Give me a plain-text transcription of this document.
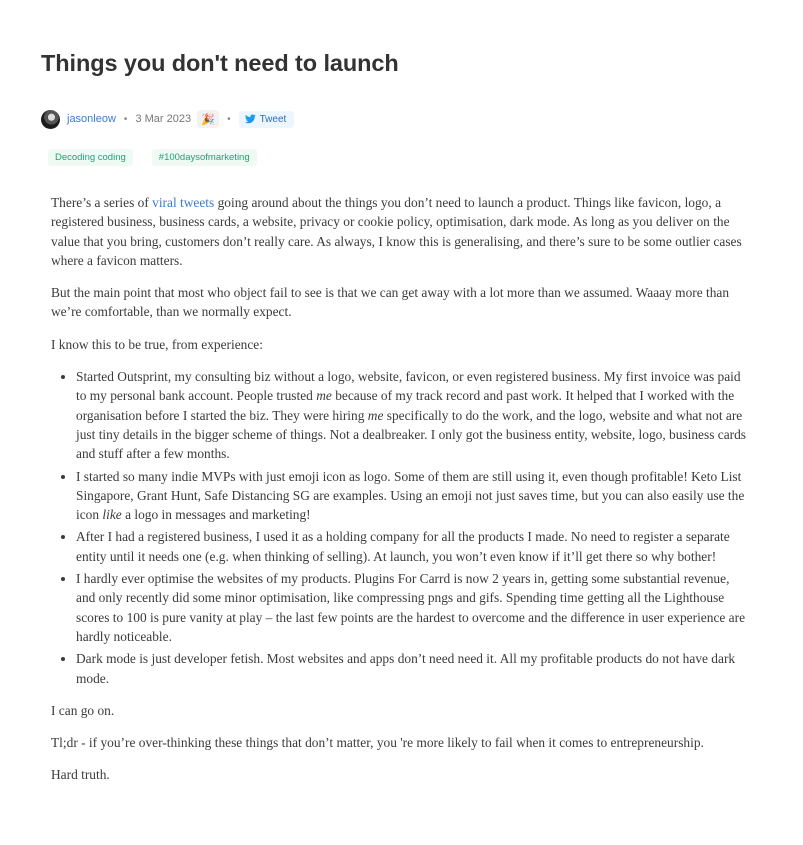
Things you don't need to launch
jasonleow • 3 Mar 2023 🎉 •	Tweet
Decoding coding	#100daysofmarketing

There’s a series of viral tweets going around about the things you don’t need to launch a product. Things like favicon, logo, a registered business, business cards, a website, privacy or cookie policy, optimisation, dark mode. As long as you deliver on the value that you bring, customers don’t really care. As always, I know this is generalising, and there’s sure to be some outlier cases where a favicon matters.

But the main point that most who object fail to see is that we can get away with a lot more than we assumed. Waaay more than we’re comfortable, than we normally expect.

I know this to be true, from experience:

• Started Outsprint, my consulting biz without a logo, website, favicon, or even registered business. My first invoice was paid to my personal bank account. People trusted me because of my track record and past work. It helped that I worked with the organisation before I started the biz. They were hiring me specifically to do the work, and the logo, website and what not are just tiny details in the bigger scheme of things. Not a dealbreaker. I only got the business entity, website, logo, business cards and stuff after a few months.
• I started so many indie MVPs with just emoji icon as logo. Some of them are still using it, even though profitable! Keto List Singapore, Grant Hunt, Safe Distancing SG are examples. Using an emoji not just saves time, but you can also easily use the icon like a logo in messages and marketing!
• After I had a registered business, I used it as a holding company for all the products I made. No need to register a separate entity until it needs one (e.g. when thinking of selling). At launch, you won’t even know if it’ll get there so why bother!
• I hardly ever optimise the websites of my products. Plugins For Carrd is now 2 years in, getting some substantial revenue, and only recently did some minor optimisation, like compressing pngs and gifs. Spending time getting all the Lighthouse scores to 100 is pure vanity at play – the last few points are the hardest to overcome and the difference in user experience are hardly noticeable.
• Dark mode is just developer fetish. Most websites and apps don’t need need it. All my profitable products do not have dark mode.

I can go on.

Tl;dr - if you’re over-thinking these things that don’t matter, you 're more likely to fail when it comes to entrepreneurship.

Hard truth.
